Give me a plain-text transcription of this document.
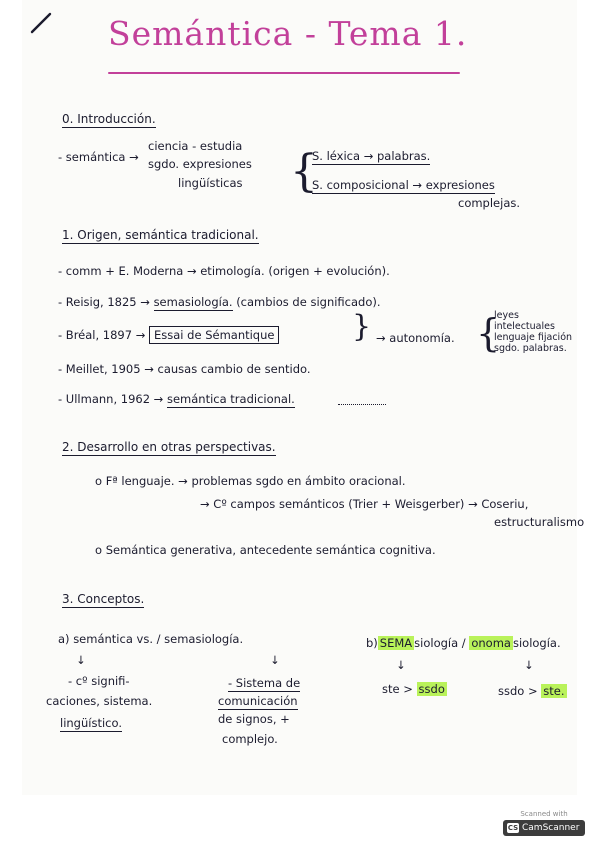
Semántica - Tema 1.
0. Introducción.
- semántica →
ciencia - estudia
sgdo. expresiones
lingüísticas {
S. léxica → palabras.
S. composicional → expresiones
complejas.
1. Origen, semántica tradicional.
- comm + E. Moderna → etimología. (origen + evolución).
- Reisig, 1825 → semasiología. (cambios de significado).
- Bréal, 1897 → Essai de Sémantique	} → autonomía. {
leyes intelectuales lenguaje fijación sgdo. palabras.
- Meillet, 1905 → causas cambio de sentido.
- Ullmann, 1962 → semántica tradicional.
2. Desarrollo en otras perspectivas.
o Fª lenguaje. → problemas sgdo en ámbito oracional.
→ Cº campos semánticos (Trier + Weisgerber) → Coseriu,
estructuralismo
o Semántica generativa, antecedente semántica cognitiva.
3. Conceptos.
a) semántica vs. / semasiología.
↓	↓
- cº signifi-
caciones, sistema.
lingüístico.
- Sistema de
comunicación
de signos, +
complejo.
b) SEMA siología / onoma siología.
↓	↓
ste > ssdo	ssdo > ste.
Scanned with
CS CamScanner
